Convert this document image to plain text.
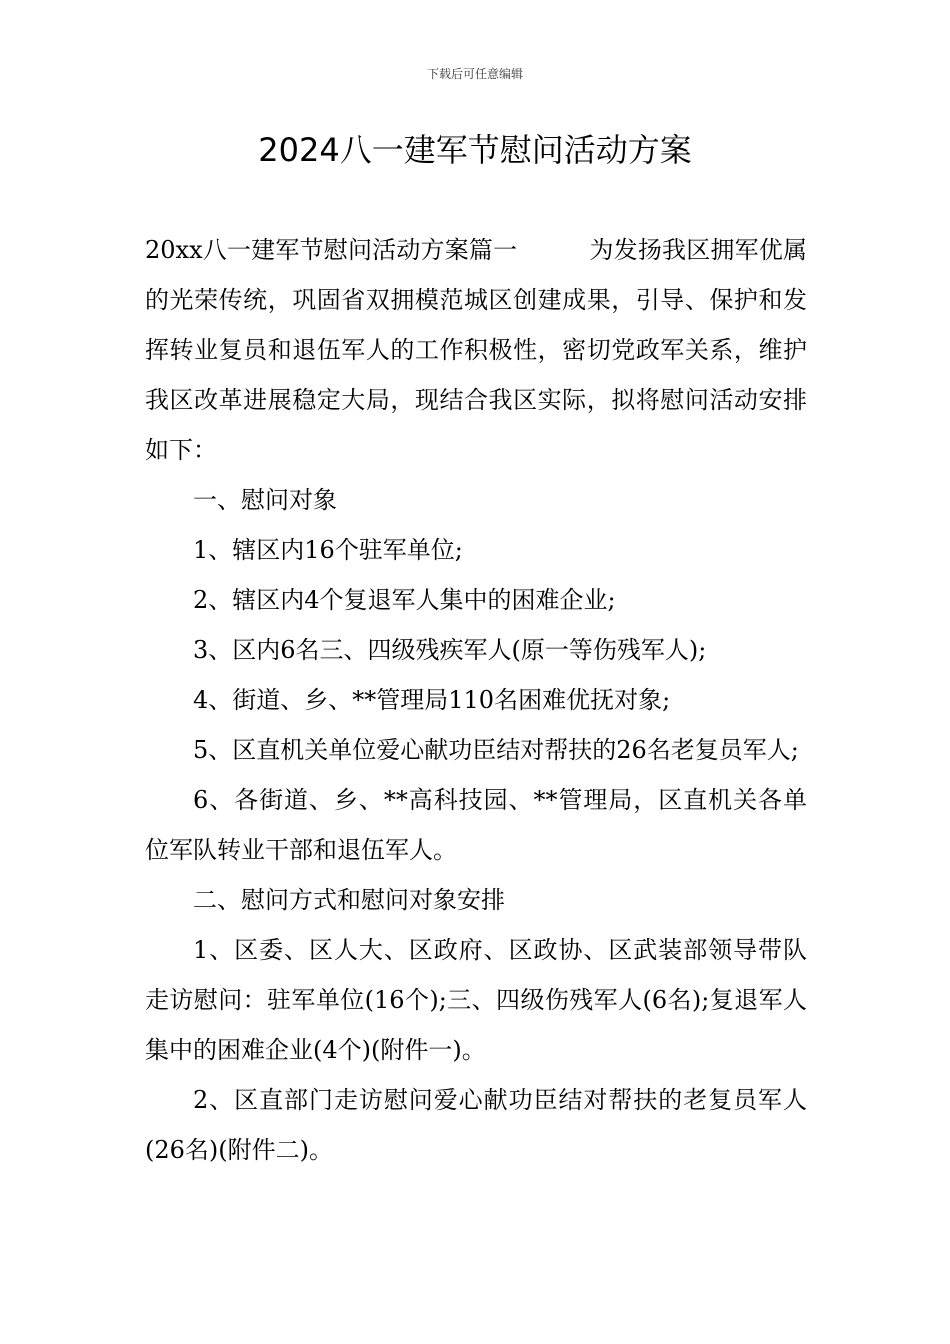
下载后可任意编辑
2024八一建军节慰问活动方案

20xx八一建军节慰问活动方案篇一	为发扬我区拥军优属的光荣传统，巩固省双拥模范城区创建成果，引导、保护和发挥转业复员和退伍军人的工作积极性，密切党政军关系，维护我区改革进展稳定大局，现结合我区实际，拟将慰问活动安排如下：

一、慰问对象

1、辖区内16个驻军单位;

2、辖区内4个复退军人集中的困难企业;

3、区内6名三、四级残疾军人(原一等伤残军人);

4、街道、乡、**管理局110名困难优抚对象;

5、区直机关单位爱心献功臣结对帮扶的26名老复员军人;

6、各街道、乡、**高科技园、**管理局，区直机关各单位军队转业干部和退伍军人。

二、慰问方式和慰问对象安排

1、区委、区人大、区政府、区政协、区武装部领导带队走访慰问：驻军单位(16个);三、四级伤残军人(6名);复退军人集中的困难企业(4个)(附件一)。

2、区直部门走访慰问爱心献功臣结对帮扶的老复员军人(26名)(附件二)。
